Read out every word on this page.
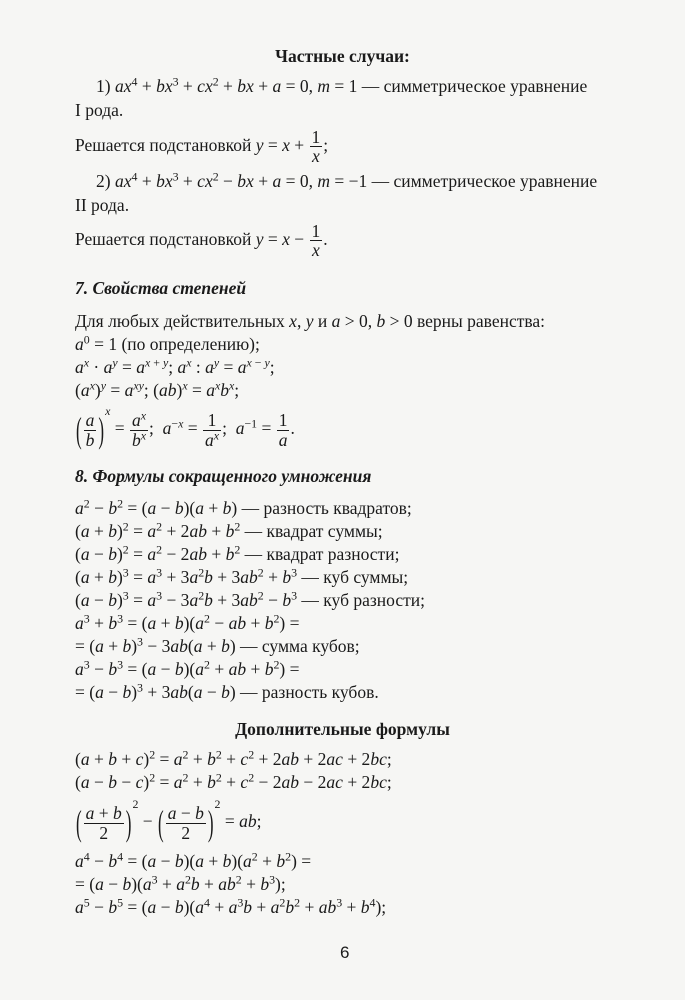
Частные случаи:
1) $ax^4 + bx^3 + cx^2$ + bx + a = 0, m = 1 — симметрическое уравнение
I рода.
Решается подстановкой $y = x + \frac{1}{x}$ ;
2) $ax^4 + bx^3 + cx^2$ − bx + a = 0, m = −1 — симметрическое уравнение
II рода.
Решается подстановкой $y = x - \frac{1}{x}$ .
7. Свойства степеней
Для любых действительных x, y и a > 0, b > 0 верны равенства:
$a^0 = 1$ (по определению);
$a^x \cdot a^y = a^{x + y}$; $a^x$ : $a^y = a^{x - y}$;
$(a^x)^y = a^{xy}$; $(ab)^x = a^xb^x$;
( $\frac{a}{b} )^x = \frac{a^x}{b^x}$ ;  $a^{-x} = \frac{1}{a^x}$ ;  $a^{-1} = \frac{1}{a}$ .
8. Формулы сокращенного умножения
$a^2 - b^2 = (a - b)(a + b)$ — разность квадратов;
$(a + b)^2 = a^2 + 2ab + b^2$ — квадрат суммы;
$(a - b)^2 = a^2 - 2ab + b^2$ — квадрат разности;
$(a + b)^3 = a^3 + 3a^2b + 3ab^2 + b^3$ — куб суммы;
$(a - b)^3 = a^3 - 3a^2b + 3ab^2 - b^3$ — куб разности;
$a^3 + b^3 = (a + b)(a^2$ − ab + $b^2$) =
= $(a + b)^3 - 3ab(a + b)$ — сумма кубов;
$a^3 - b^3 = (a - b)(a^2$ + ab + $b^2$) =
= $(a - b)^3 + 3ab(a - b)$ — разность кубов.
Дополнительные формулы
$(a + b + c)^2 = a^2 + b^2 + c^2 + 2ab + 2ac + 2bc$;
$(a - b - c)^2 = a^2 + b^2 + c^2 - 2ab - 2ac + 2bc$;
( $\frac{a + b}{2} )^2$ − ( $\frac{a - b}{2} )^2$ = ab;
$a^4 - b^4 = (a - b)(a + b)(a^2 + b^2)$ =
= $(a - b)(a^3 + a^2b + ab^2 + b^3)$;
$a^5 - b^5 = (a - b)(a^4 + a^3b + a^2b^2 + ab^3 + b^4)$;
6
